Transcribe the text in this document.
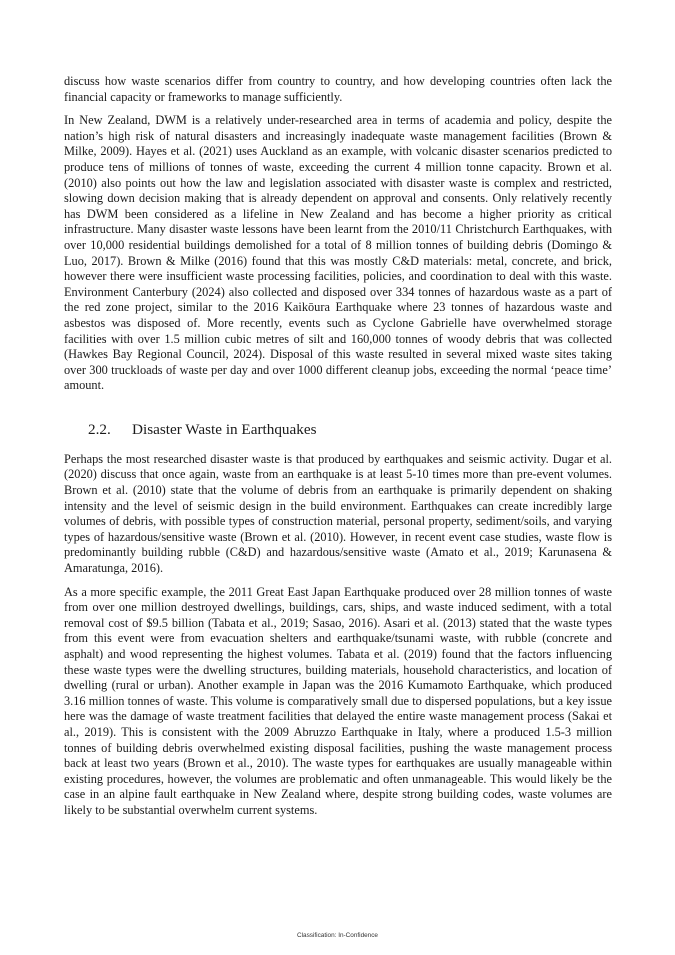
discuss how waste scenarios differ from country to country, and how developing countries often lack the financial capacity or frameworks to manage sufficiently.

In New Zealand, DWM is a relatively under-researched area in terms of academia and policy, despite the nation’s high risk of natural disasters and increasingly inadequate waste management facilities (Brown & Milke, 2009). Hayes et al. (2021) uses Auckland as an example, with volcanic disaster scenarios predicted to produce tens of millions of tonnes of waste, exceeding the current 4 million tonne capacity. Brown et al. (2010) also points out how the law and legislation associated with disaster waste is complex and restricted, slowing down decision making that is already dependent on approval and consents. Only relatively recently has DWM been considered as a lifeline in New Zealand and has become a higher priority as critical infrastructure. Many disaster waste lessons have been learnt from the 2010/11 Christchurch Earthquakes, with over 10,000 residential buildings demolished for a total of 8 million tonnes of building debris (Domingo & Luo, 2017). Brown & Milke (2016) found that this was mostly C&D materials: metal, concrete, and brick, however there were insufficient waste processing facilities, policies, and coordination to deal with this waste. Environment Canterbury (2024) also collected and disposed over 334 tonnes of hazardous waste as a part of the red zone project, similar to the 2016 Kaikōura Earthquake where 23 tonnes of hazardous waste and asbestos was disposed of. More recently, events such as Cyclone Gabrielle have overwhelmed storage facilities with over 1.5 million cubic metres of silt and 160,000 tonnes of woody debris that was collected (Hawkes Bay Regional Council, 2024). Disposal of this waste resulted in several mixed waste sites taking over 300 truckloads of waste per day and over 1000 different cleanup jobs, exceeding the normal ‘peace time’ amount.

2.2.	Disaster Waste in Earthquakes

Perhaps the most researched disaster waste is that produced by earthquakes and seismic activity. Dugar et al. (2020) discuss that once again, waste from an earthquake is at least 5-10 times more than pre-event volumes. Brown et al. (2010) state that the volume of debris from an earthquake is primarily dependent on shaking intensity and the level of seismic design in the build environment. Earthquakes can create incredibly large volumes of debris, with possible types of construction material, personal property, sediment/soils, and varying types of hazardous/sensitive waste (Brown et al. (2010). However, in recent event case studies, waste flow is predominantly building rubble (C&D) and hazardous/sensitive waste (Amato et al., 2019; Karunasena & Amaratunga, 2016).

As a more specific example, the 2011 Great East Japan Earthquake produced over 28 million tonnes of waste from over one million destroyed dwellings, buildings, cars, ships, and waste induced sediment, with a total removal cost of $9.5 billion (Tabata et al., 2019; Sasao, 2016). Asari et al. (2013) stated that the waste types from this event were from evacuation shelters and earthquake/tsunami waste, with rubble (concrete and asphalt) and wood representing the highest volumes. Tabata et al. (2019) found that the factors influencing these waste types were the dwelling structures, building materials, household characteristics, and location of dwelling (rural or urban). Another example in Japan was the 2016 Kumamoto Earthquake, which produced 3.16 million tonnes of waste. This volume is comparatively small due to dispersed populations, but a key issue here was the damage of waste treatment facilities that delayed the entire waste management process (Sakai et al., 2019). This is consistent with the 2009 Abruzzo Earthquake in Italy, where a produced 1.5-3 million tonnes of building debris overwhelmed existing disposal facilities, pushing the waste management process back at least two years (Brown et al., 2010). The waste types for earthquakes are usually manageable within existing procedures, however, the volumes are problematic and often unmanageable. This would likely be the case in an alpine fault earthquake in New Zealand where, despite strong building codes, waste volumes are likely to be substantial overwhelm current systems.

Classification: In-Confidence
